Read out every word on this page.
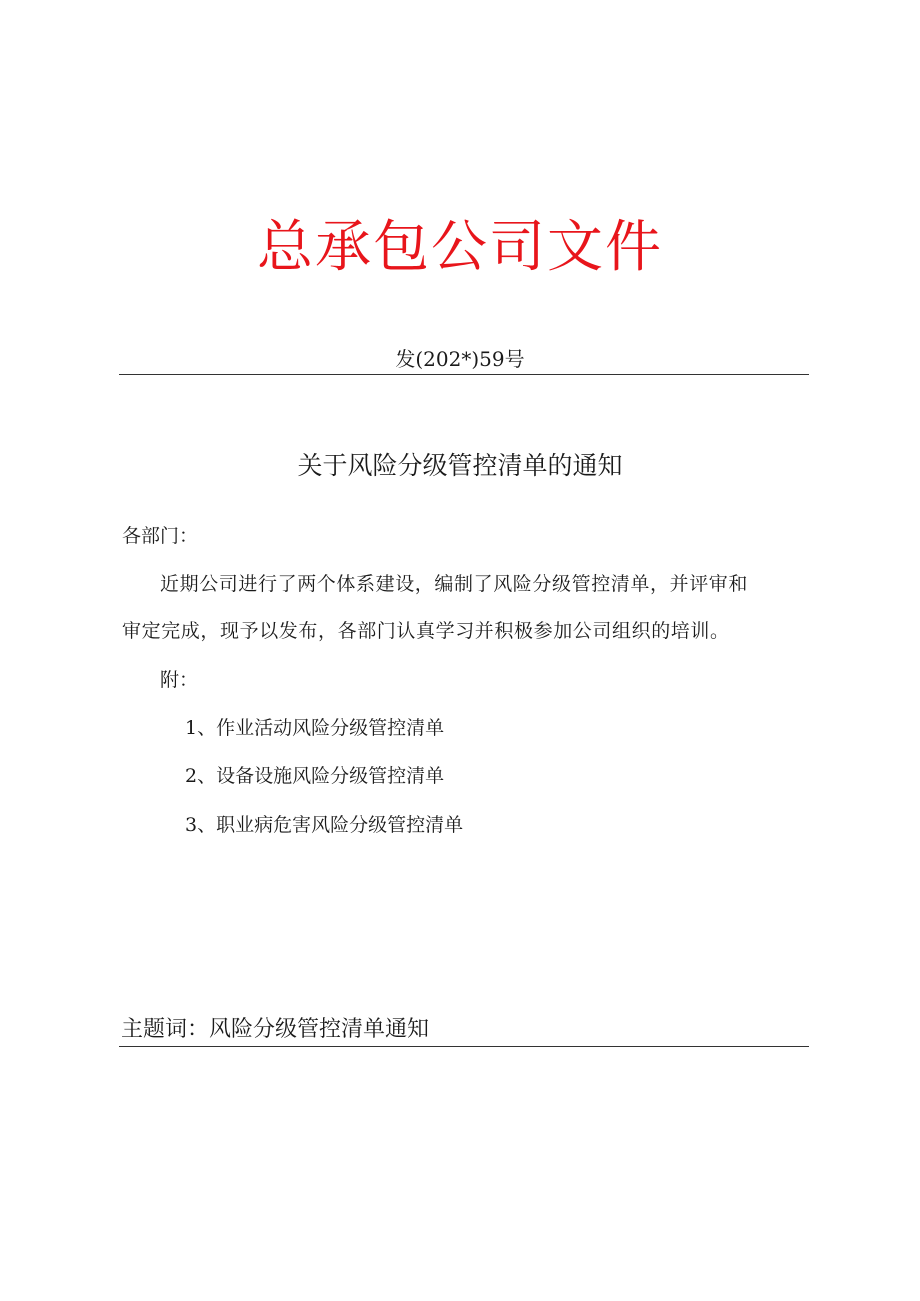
总承包公司文件
发(202*)59号
关于风险分级管控清单的通知
各部门：
近期公司进行了两个体系建设，编制了风险分级管控清单，并评审和
审定完成，现予以发布，各部门认真学习并积极参加公司组织的培训。
附：
1、作业活动风险分级管控清单
2、设备设施风险分级管控清单
3、职业病危害风险分级管控清单
主题词：风险分级管控清单通知
